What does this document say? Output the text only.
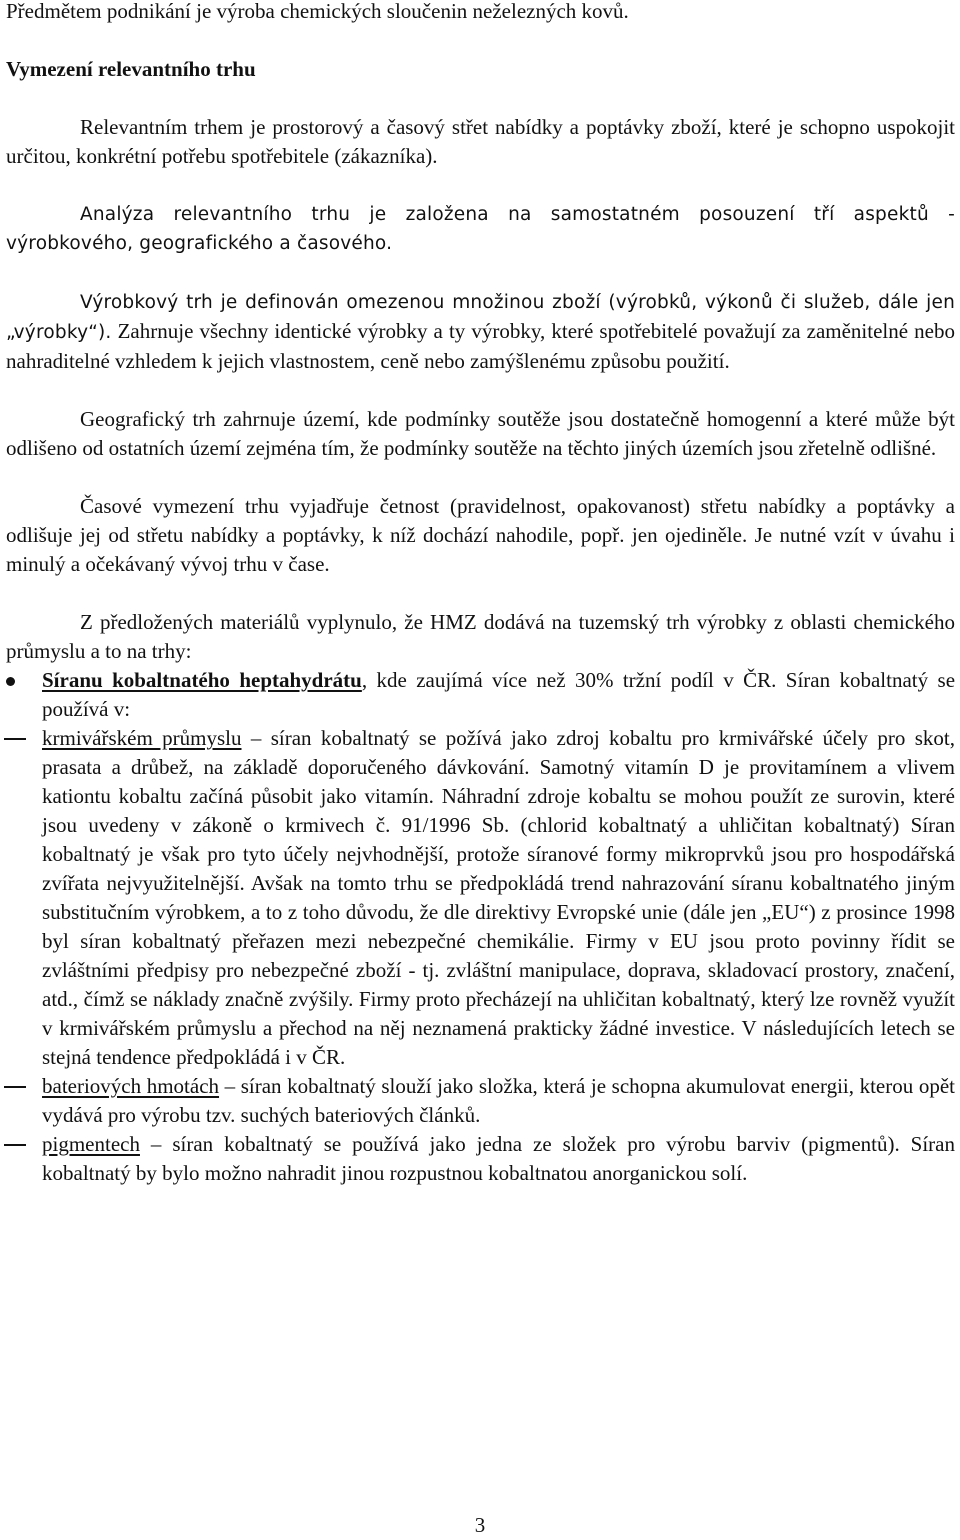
Předmětem podnikání je výroba chemických sloučenin neželezných kovů.

Vymezení relevantního trhu

Relevantním trhem je prostorový a časový střet nabídky a poptávky zboží, které je schopno uspokojit určitou, konkrétní potřebu spotřebitele (zákazníka).

Analýza relevantního trhu je založena na samostatném posouzení tří aspektů - výrobkového, geografického a časového.

Výrobkový trh je definován omezenou množinou zboží (výrobků, výkonů či služeb, dále jen „výrobky“). Zahrnuje všechny identické výrobky a ty výrobky, které spotřebitelé považují za zaměnitelné nebo nahraditelné vzhledem k jejich vlastnostem, ceně nebo zamýšlenému způsobu použití.

Geografický trh zahrnuje území, kde podmínky soutěže jsou dostatečně homogenní a které může být odlišeno od ostatních území zejména tím, že podmínky soutěže na těchto jiných územích jsou zřetelně odlišné.

Časové vymezení trhu vyjadřuje četnost (pravidelnost, opakovanost) střetu nabídky a poptávky a odlišuje jej od střetu nabídky a poptávky, k níž dochází nahodile, popř. jen ojediněle. Je nutné vzít v úvahu i minulý a očekávaný vývoj trhu v čase.

Z předložených materiálů vyplynulo, že HMZ dodává na tuzemský trh výrobky z oblasti chemického průmyslu a to na trhy:

Síranu kobaltnatého heptahydrátu, kde zaujímá více než 30% tržní podíl v ČR. Síran kobaltnatý se používá v:
krmivářském průmyslu – síran kobaltnatý se požívá jako zdroj kobaltu pro krmivářské účely pro skot, prasata a drůbež, na základě doporučeného dávkování. Samotný vitamín D je provitamínem a vlivem kationtu kobaltu začíná působit jako vitamín. Náhradní zdroje kobaltu se mohou použít ze surovin, které jsou uvedeny v zákoně o krmivech č. 91/1996 Sb. (chlorid kobaltnatý a uhličitan kobaltnatý) Síran kobaltnatý je však pro tyto účely nejvhodnější, protože síranové formy mikroprvků jsou pro hospodářská zvířata nejvyužitelnější. Avšak na tomto trhu se předpokládá trend nahrazování síranu kobaltnatého jiným substitučním výrobkem, a to z toho důvodu, že dle direktivy Evropské unie (dále jen „EU“) z prosince 1998 byl síran kobaltnatý přeřazen mezi nebezpečné chemikálie. Firmy v EU jsou proto povinny řídit se zvláštními předpisy pro nebezpečné zboží - tj. zvláštní manipulace, doprava, skladovací prostory, značení, atd., čímž se náklady značně zvýšily. Firmy proto přecházejí na uhličitan kobaltnatý, který lze rovněž využít v krmivářském průmyslu a přechod na něj neznamená prakticky žádné investice. V následujících letech se stejná tendence předpokládá i v ČR.
bateriových hmotách – síran kobaltnatý slouží jako složka, která je schopna akumulovat energii, kterou opět vydává pro výrobu tzv. suchých bateriových článků.
pigmentech – síran kobaltnatý se používá jako jedna ze složek pro výrobu barviv (pigmentů). Síran kobaltnatý by bylo možno nahradit jinou rozpustnou kobaltnatou anorganickou solí.
3
